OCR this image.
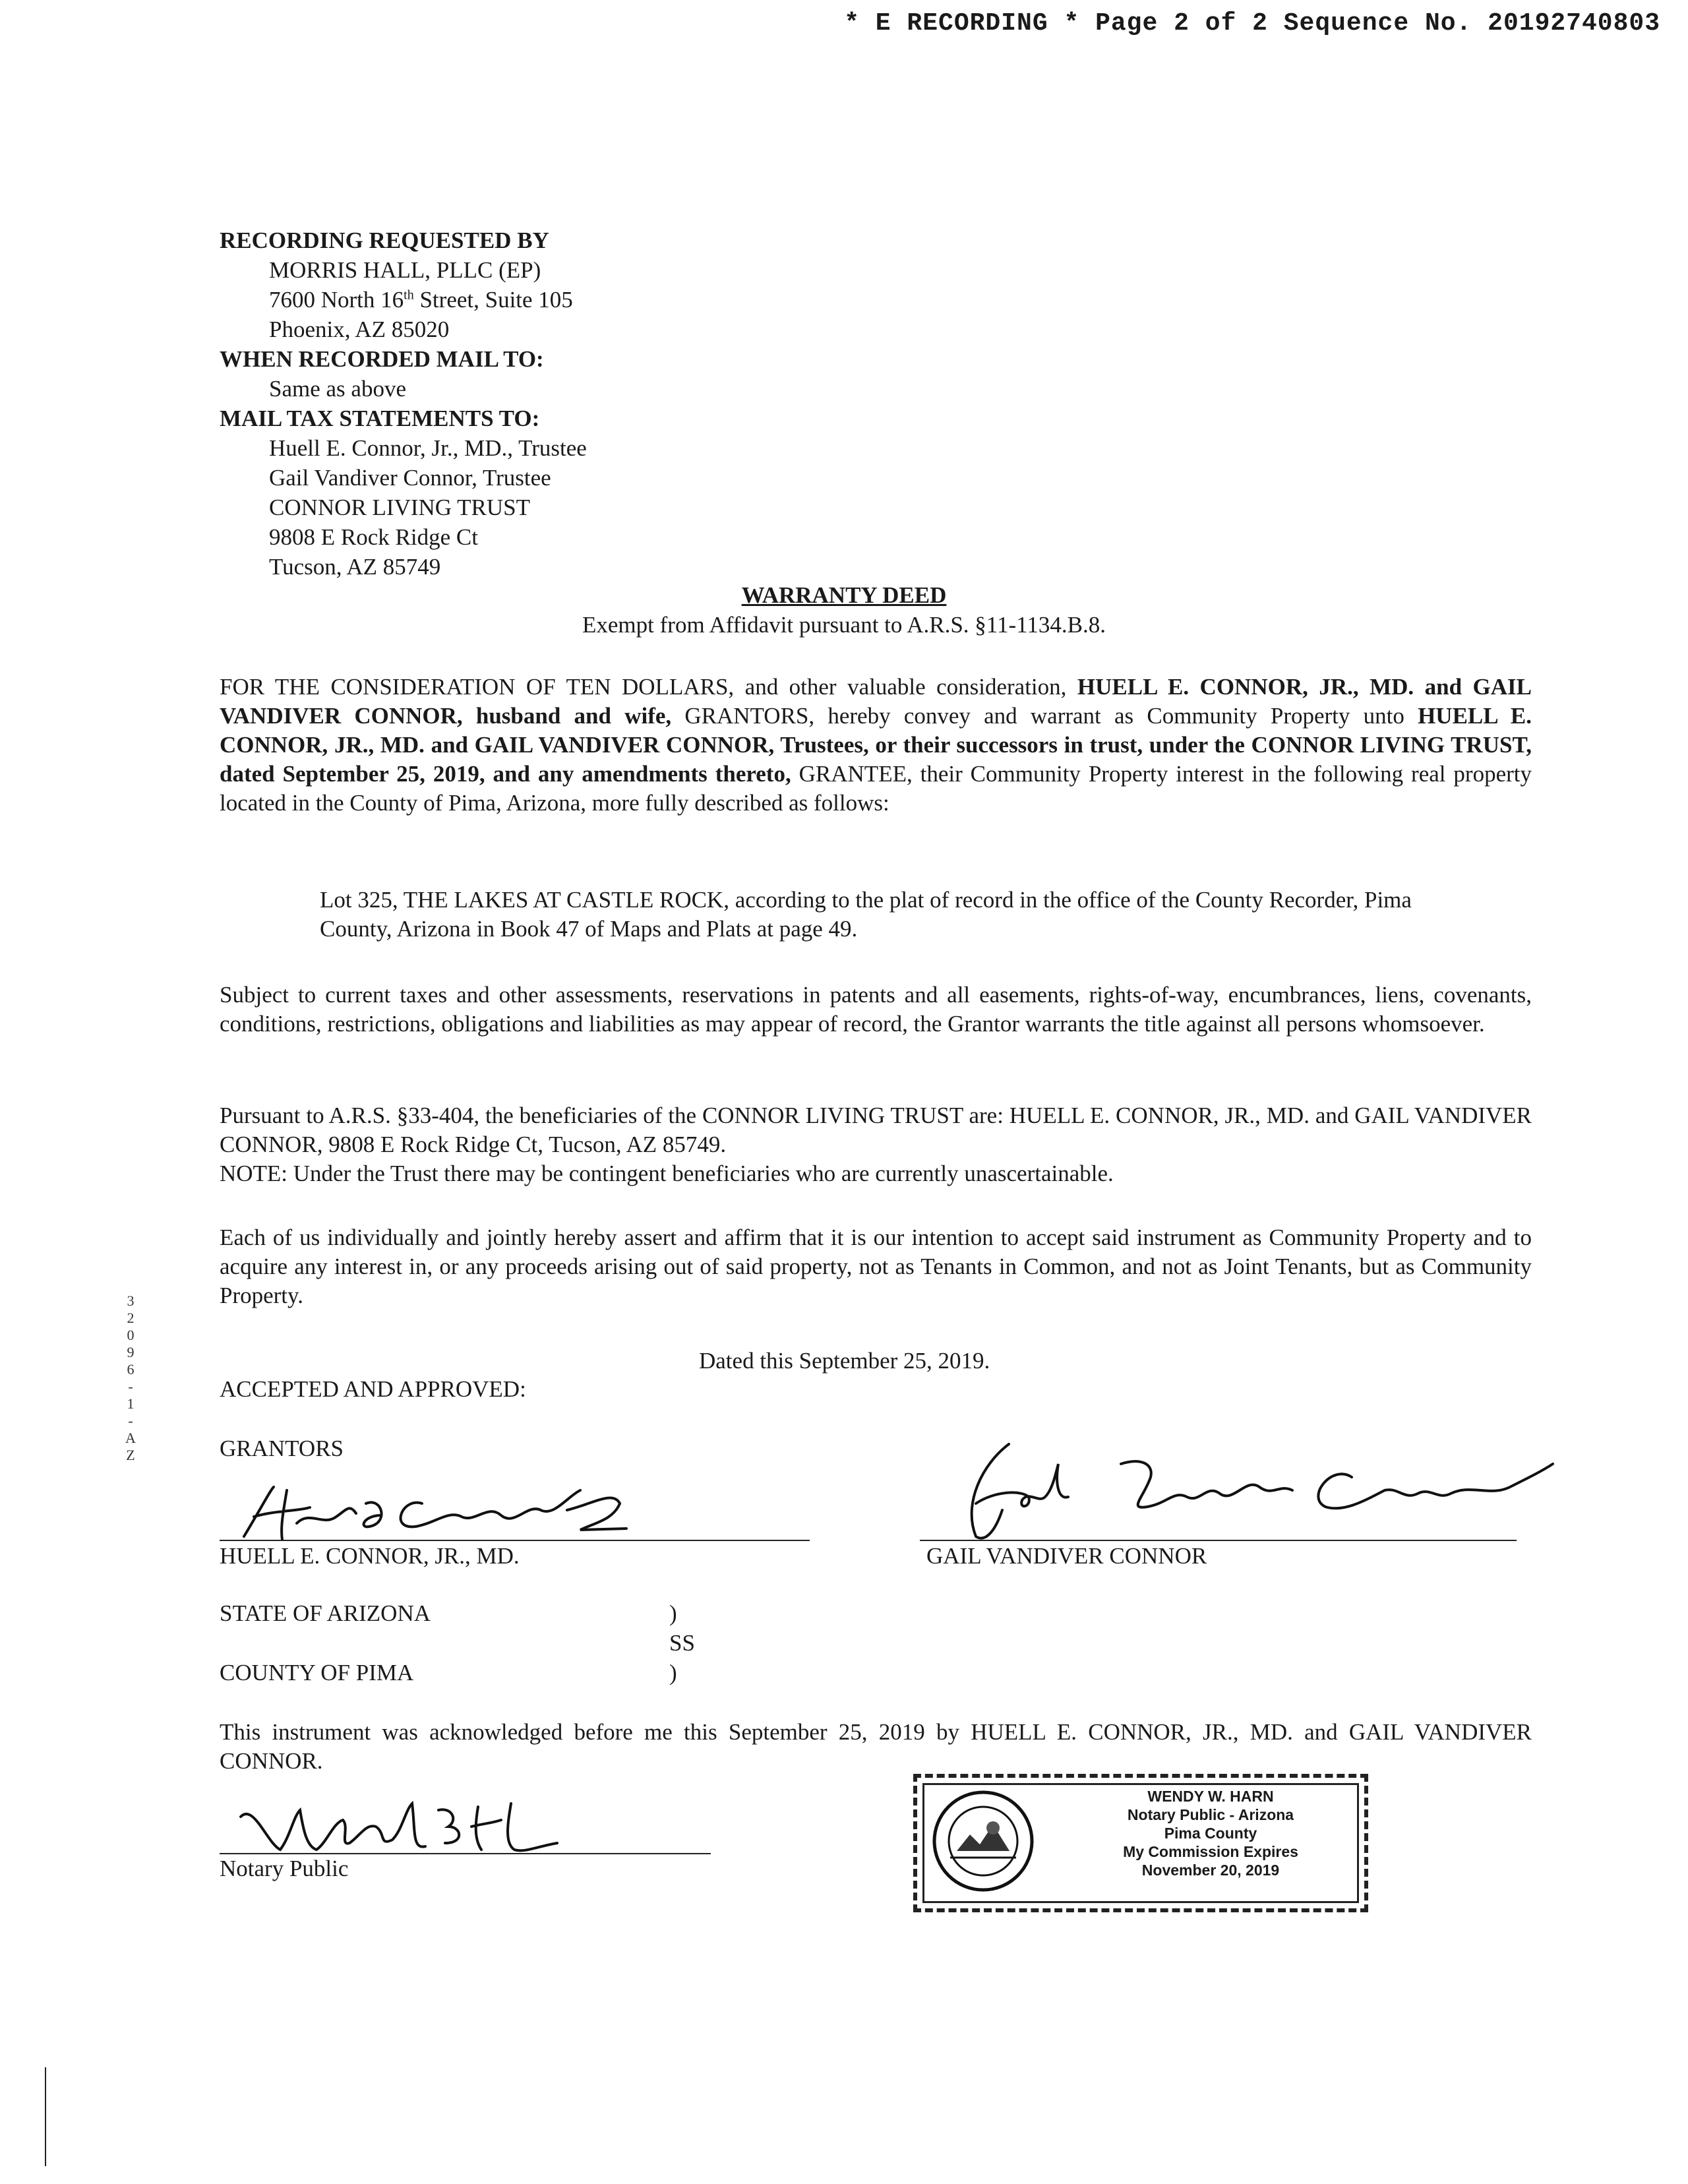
* E RECORDING * Page 2 of 2 Sequence No. 20192740803
RECORDING REQUESTED BY
MORRIS HALL, PLLC (EP)
7600 North 16th Street, Suite 105
Phoenix, AZ 85020
WHEN RECORDED MAIL TO:
Same as above
MAIL TAX STATEMENTS TO:
Huell E. Connor, Jr., MD., Trustee
Gail Vandiver Connor, Trustee
CONNOR LIVING TRUST
9808 E Rock Ridge Ct
Tucson, AZ 85749
WARRANTY DEED
Exempt from Affidavit pursuant to A.R.S. §11-1134.B.8.
FOR THE CONSIDERATION OF TEN DOLLARS, and other valuable consideration, HUELL E. CONNOR, JR., MD. and GAIL VANDIVER CONNOR, husband and wife, GRANTORS, hereby convey and warrant as Community Property unto HUELL E. CONNOR, JR., MD. and GAIL VANDIVER CONNOR, Trustees, or their successors in trust, under the CONNOR LIVING TRUST, dated September 25, 2019, and any amendments thereto, GRANTEE, their Community Property interest in the following real property located in the County of Pima, Arizona, more fully described as follows:
Lot 325, THE LAKES AT CASTLE ROCK, according to the plat of record in the office of the County Recorder, Pima County, Arizona in Book 47 of Maps and Plats at page 49.
Subject to current taxes and other assessments, reservations in patents and all easements, rights-of-way, encumbrances, liens, covenants, conditions, restrictions, obligations and liabilities as may appear of record, the Grantor warrants the title against all persons whomsoever.
Pursuant to A.R.S. §33-404, the beneficiaries of the CONNOR LIVING TRUST are: HUELL E. CONNOR, JR., MD. and GAIL VANDIVER CONNOR, 9808 E Rock Ridge Ct, Tucson, AZ 85749.
NOTE: Under the Trust there may be contingent beneficiaries who are currently unascertainable.
Each of us individually and jointly hereby assert and affirm that it is our intention to accept said instrument as Community Property and to acquire any interest in, or any proceeds arising out of said property, not as Tenants in Common, and not as Joint Tenants, but as Community Property.
3
2
0
9
6
-
1
-
A
Z
Dated this September 25, 2019.
ACCEPTED AND APPROVED:
GRANTORS
HUELL E. CONNOR, JR., MD.	GAIL VANDIVER CONNOR
STATE OF ARIZONA	)
SS
COUNTY OF PIMA	)
This instrument was acknowledged before me this September 25, 2019 by HUELL E. CONNOR, JR., MD. and GAIL VANDIVER CONNOR.
Notary Public
WENDY W. HARN
Notary Public - Arizona
Pima County
My Commission Expires
November 20, 2019
